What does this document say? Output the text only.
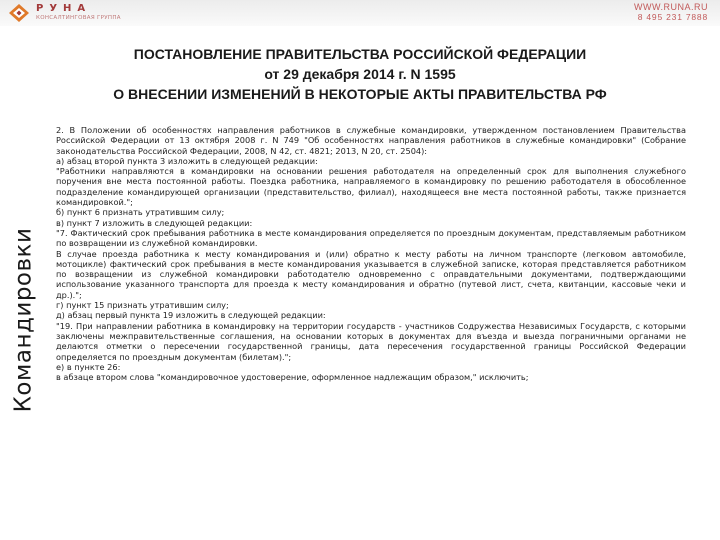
РУНА
КОНСАЛТИНГОВАЯ ГРУППА
WWW.RUNA.RU
8 495 231 7888
ПОСТАНОВЛЕНИЕ ПРАВИТЕЛЬСТВА РОССИЙСКОЙ ФЕДЕРАЦИИ
от 29 декабря 2014 г. N 1595
О ВНЕСЕНИИ ИЗМЕНЕНИЙ В НЕКОТОРЫЕ АКТЫ ПРАВИТЕЛЬСТВА РФ
Командировки

2. В Положении об особенностях направления работников в служебные командировки, утвержденном постановлением Правительства Российской Федерации от 13 октября 2008 г. N 749 "Об особенностях направления работников в служебные командировки" (Собрание законодательства Российской Федерации, 2008, N 42, ст. 4821; 2013, N 20, ст. 2504):

а) абзац второй пункта 3 изложить в следующей редакции:

"Работники направляются в командировки на основании решения работодателя на определенный срок для выполнения служебного поручения вне места постоянной работы. Поездка работника, направляемого в командировку по решению работодателя в обособленное подразделение командирующей организации (представительство, филиал), находящееся вне места постоянной работы, также признается командировкой.";

б) пункт 6 признать утратившим силу;

в) пункт 7 изложить в следующей редакции:

"7. Фактический срок пребывания работника в месте командирования определяется по проездным документам, представляемым работником по возвращении из служебной командировки.

В случае проезда работника к месту командирования и (или) обратно к месту работы на личном транспорте (легковом автомобиле, мотоцикле) фактический срок пребывания в месте командирования указывается в служебной записке, которая представляется работником по возвращении из служебной командировки работодателю одновременно с оправдательными документами, подтверждающими использование указанного транспорта для проезда к месту командирования и обратно (путевой лист, счета, квитанции, кассовые чеки и др.).";

г) пункт 15 признать утратившим силу;

д) абзац первый пункта 19 изложить в следующей редакции:

"19. При направлении работника в командировку на территории государств - участников Содружества Независимых Государств, с которыми заключены межправительственные соглашения, на основании которых в документах для въезда и выезда пограничными органами не делаются отметки о пересечении государственной границы, дата пересечения государственной границы Российской Федерации определяется по проездным документам (билетам).";

е) в пункте 26:

в абзаце втором слова "командировочное удостоверение, оформленное надлежащим образом," исключить;
